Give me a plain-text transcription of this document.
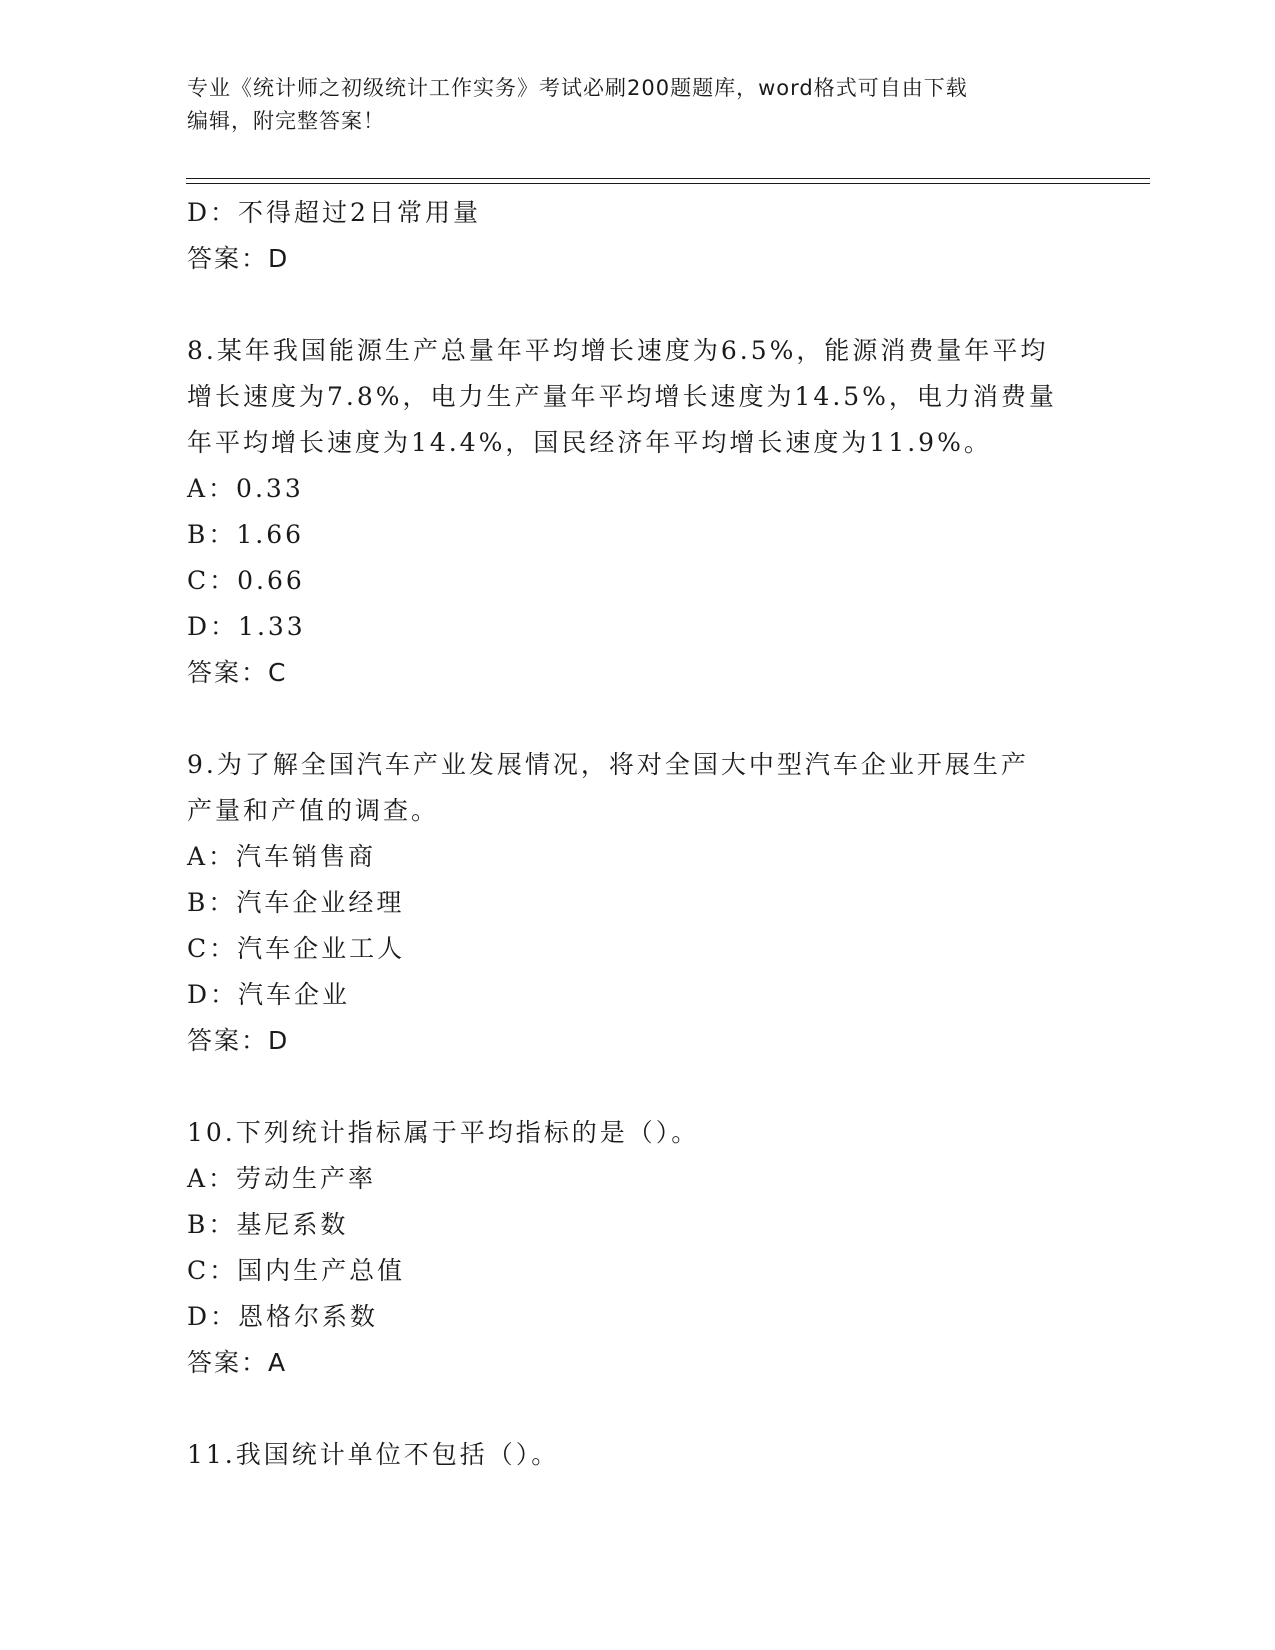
专业《统计师之初级统计工作实务》考试必刷200题题库，word格式可自由下载
编辑，附完整答案！
D：不得超过2日常用量
答案：D
8.某年我国能源生产总量年平均增长速度为6.5%，能源消费量年平均
增长速度为7.8%，电力生产量年平均增长速度为14.5%，电力消费量
年平均增长速度为14.4%，国民经济年平均增长速度为11.9%。
A：0.33
B：1.66
C：0.66
D：1.33
答案：C
9.为了解全国汽车产业发展情况，将对全国大中型汽车企业开展生产
产量和产值的调查。
A：汽车销售商
B：汽车企业经理
C：汽车企业工人
D：汽车企业
答案：D
10.下列统计指标属于平均指标的是（）。
A：劳动生产率
B：基尼系数
C：国内生产总值
D：恩格尔系数
答案：A
11.我国统计单位不包括（）。
